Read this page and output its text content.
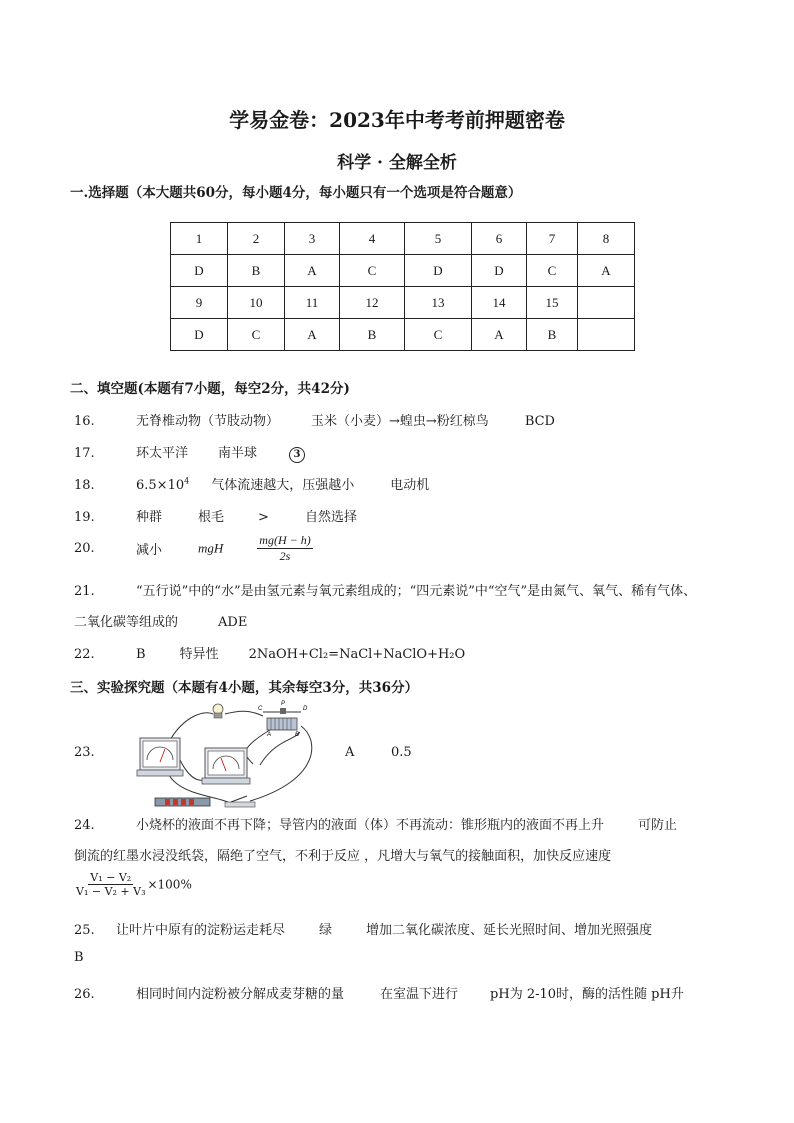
学易金卷：2023年中考考前押题密卷
科学 · 全解全析
一.选择题（本大题共60分，每小题4分，每小题只有一个选项是符合题意）
1	2	3	4	5	6	7	8
D	B	A	C	D	D	C	A
9	10	11	12	13	14	15	
D	C	A	B	C	A	B	
二、填空题(本题有7小题，每空2分，共42分)
16.	无脊椎动物（节肢动物） 玉米（小麦）→蝗虫→粉红椋鸟	BCD
17.	环太平洋 南半球	3
18.	$6.5\times 10^4$ 气体流速越大，压强越小	电动机
19.	种群	根毛	>	自然选择
20.	减小	mgH	$\frac{mg(H - h)}{2s}$
21.	“五行说”中的“水”是由氢元素与氧元素组成的；“四元素说”中“空气”是由氮气、氧气、稀有气体、
二氧化碳等组成的	ADE
22.	B	特异性 2NaOH+Cl₂=NaCl+NaClO+H₂O
三、实验探究题（本题有4小题，其余每空3分，共36分）
23.
C
P
D
A	B
A	0.5
24.	小烧杯的液面不再下降；导管内的液面（体）不再流动：锥形瓶内的液面不再上升	可防止
倒流的红墨水浸没纸袋，隔绝了空气，不利于反应 ，凡增大与氧气的接触面积，加快反应速度
$\frac{\text{V₁ − V₂}}{\text{V₁ − V₂ + V₃}} \times 100\%$
25. 让叶片中原有的淀粉运走耗尽	绿	增加二氧化碳浓度、延长光照时间、增加光照强度
B
26.	相同时间内淀粉被分解成麦芽糖的量	在室温下进行 pH为 2-10时，酶的活性随 pH升
